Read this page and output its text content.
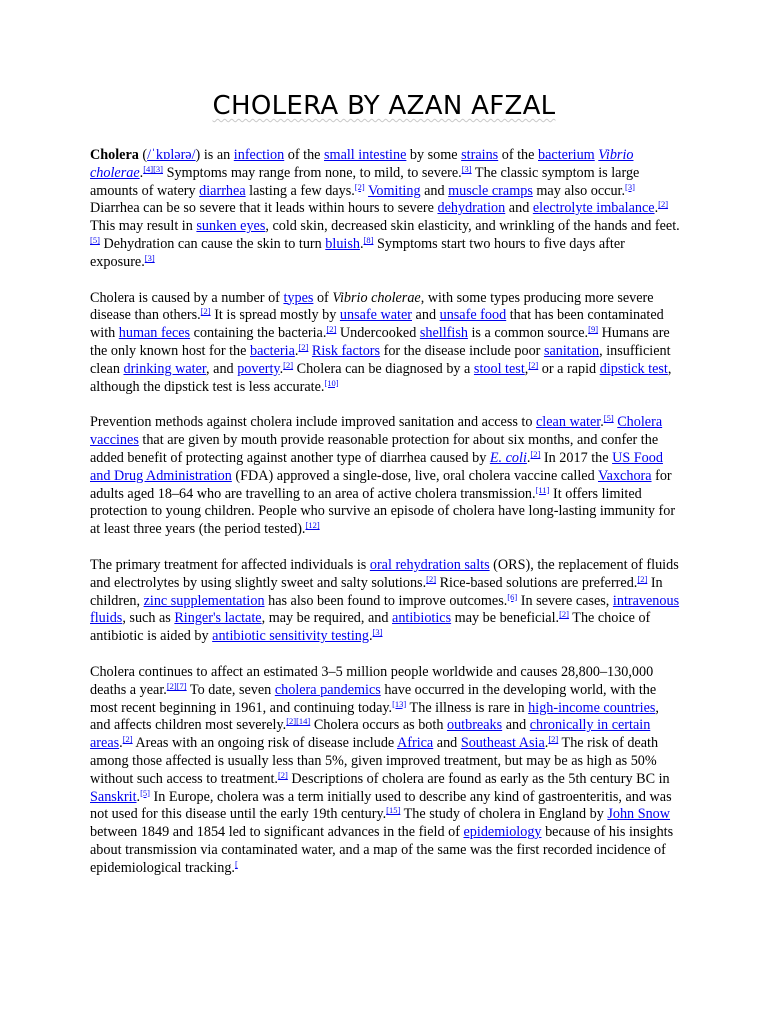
CHOLERA BY AZAN AFZAL

Cholera (/ˈkɒlərə/) is an infection of the small intestine by some strains of the bacterium Vibrio cholerae.[4][3] Symptoms may range from none, to mild, to severe.[3] The classic symptom is large amounts of watery diarrhea lasting a few days.[2] Vomiting and muscle cramps may also occur.[3] Diarrhea can be so severe that it leads within hours to severe dehydration and electrolyte imbalance.[2] This may result in sunken eyes, cold skin, decreased skin elasticity, and wrinkling of the hands and feet.[5] Dehydration can cause the skin to turn bluish.[8] Symptoms start two hours to five days after exposure.[3]

Cholera is caused by a number of types of Vibrio cholerae, with some types producing more severe disease than others.[2] It is spread mostly by unsafe water and unsafe food that has been contaminated with human feces containing the bacteria.[2] Undercooked shellfish is a common source.[9] Humans are the only known host for the bacteria.[2] Risk factors for the disease include poor sanitation, insufficient clean drinking water, and poverty.[2] Cholera can be diagnosed by a stool test,[2] or a rapid dipstick test, although the dipstick test is less accurate.[10]

Prevention methods against cholera include improved sanitation and access to clean water.[5] Cholera vaccines that are given by mouth provide reasonable protection for about six months, and confer the added benefit of protecting against another type of diarrhea caused by E. coli.[2] In 2017 the US Food and Drug Administration (FDA) approved a single-dose, live, oral cholera vaccine called Vaxchora for adults aged 18–64 who are travelling to an area of active cholera transmission.[11] It offers limited protection to young children. People who survive an episode of cholera have long-lasting immunity for at least three years (the period tested).[12]

The primary treatment for affected individuals is oral rehydration salts (ORS), the replacement of fluids and electrolytes by using slightly sweet and salty solutions.[2] Rice-based solutions are preferred.[2] In children, zinc supplementation has also been found to improve outcomes.[6] In severe cases, intravenous fluids, such as Ringer's lactate, may be required, and antibiotics may be beneficial.[2] The choice of antibiotic is aided by antibiotic sensitivity testing.[3]

Cholera continues to affect an estimated 3–5 million people worldwide and causes 28,800–130,000 deaths a year.[2][7] To date, seven cholera pandemics have occurred in the developing world, with the most recent beginning in 1961, and continuing today.[13] The illness is rare in high-income countries, and affects children most severely.[2][14] Cholera occurs as both outbreaks and chronically in certain areas.[2] Areas with an ongoing risk of disease include Africa and Southeast Asia.[2] The risk of death among those affected is usually less than 5%, given improved treatment, but may be as high as 50% without such access to treatment.[2] Descriptions of cholera are found as early as the 5th century BC in Sanskrit.[5] In Europe, cholera was a term initially used to describe any kind of gastroenteritis, and was not used for this disease until the early 19th century.[15] The study of cholera in England by John Snow between 1849 and 1854 led to significant advances in the field of epidemiology because of his insights about transmission via contaminated water, and a map of the same was the first recorded incidence of epidemiological tracking.[
